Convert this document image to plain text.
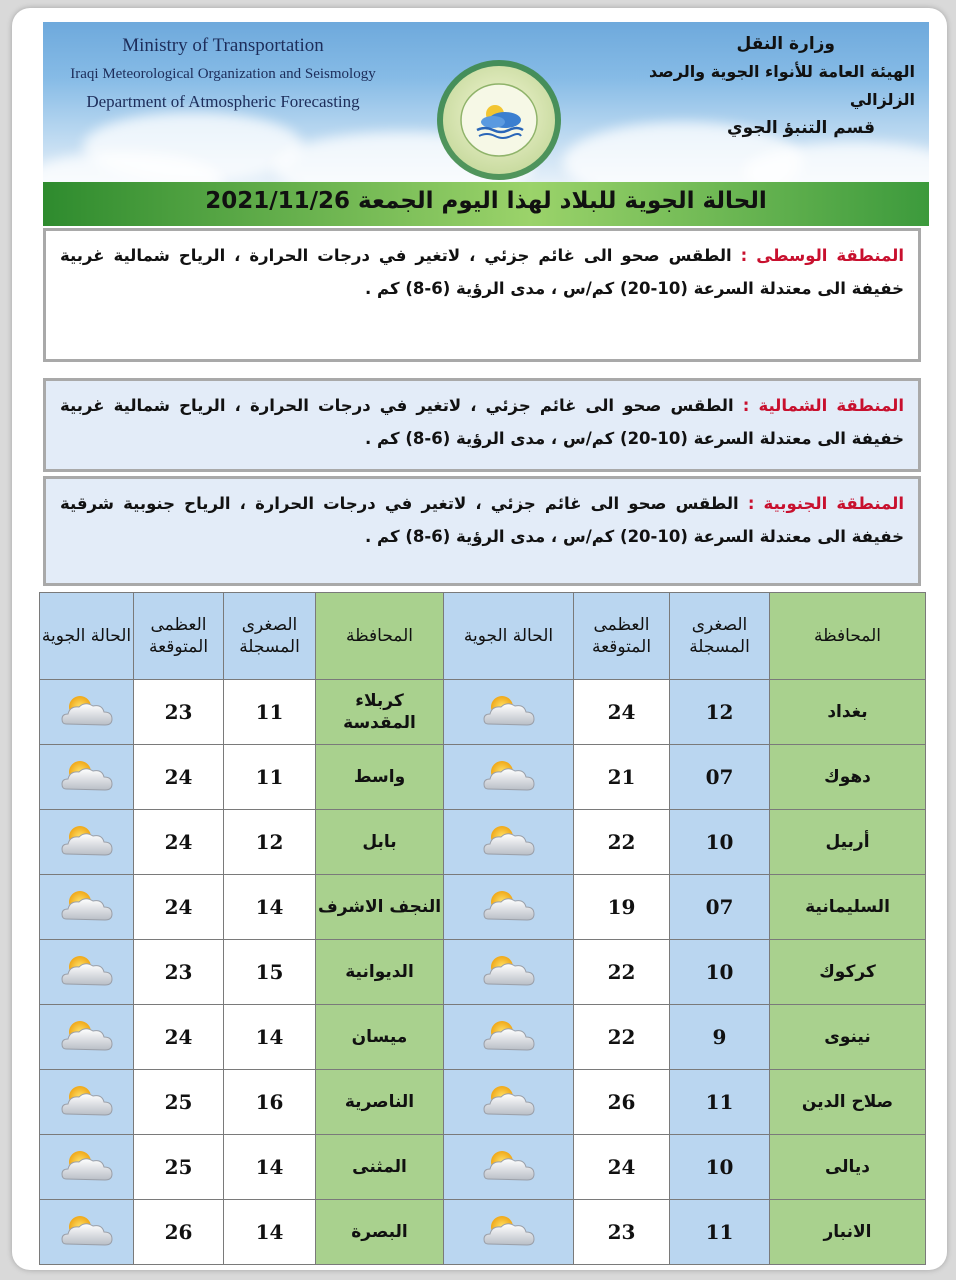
Ministry of Transportation
Iraqi Meteorological Organization and Seismology
Department of Atmospheric Forecasting
وزارة النقل
الهيئة العامة للأنواء الجوية والرصد الزلزالي
قسم التنبؤ الجوي
الحالة الجوية للبلاد لهذا اليوم الجمعة 2021/11/26
المنطقة الوسطى : الطقس صحو الى غائم جزئي ، لاتغير في درجات الحرارة ، الرياح شمالية غربية خفيفة الى معتدلة السرعة (10-20) كم/س ، مدى الرؤية (6-8) كم .
المنطقة الشمالية : الطقس صحو الى غائم جزئي ، لاتغير في درجات الحرارة ، الرياح شمالية غربية خفيفة الى معتدلة السرعة (10-20) كم/س ، مدى الرؤية (6-8) كم .
المنطقة الجنوبية : الطقس صحو الى غائم جزئي ، لاتغير في درجات الحرارة ، الرياح جنوبية شرقية خفيفة الى معتدلة السرعة (10-20) كم/س ، مدى الرؤية (6-8) كم .
المحافظة	الصغرى المسجلة	العظمى المتوقعة	الحالة الجوية	المحافظة	الصغرى المسجلة	العظمى المتوقعة	الحالة الجوية
بغداد	12	24		كربلاء المقدسة	11	23	
دهوك	07	21		واسط	11	24	
أربيل	10	22		بابل	12	24	
السليمانية	07	19		النجف الاشرف	14	24	
كركوك	10	22		الديوانية	15	23	
نينوى	9	22		ميسان	14	24	
صلاح الدين	11	26		الناصرية	16	25	
ديالى	10	24		المثنى	14	25	
الانبار	11	23		البصرة	14	26	
